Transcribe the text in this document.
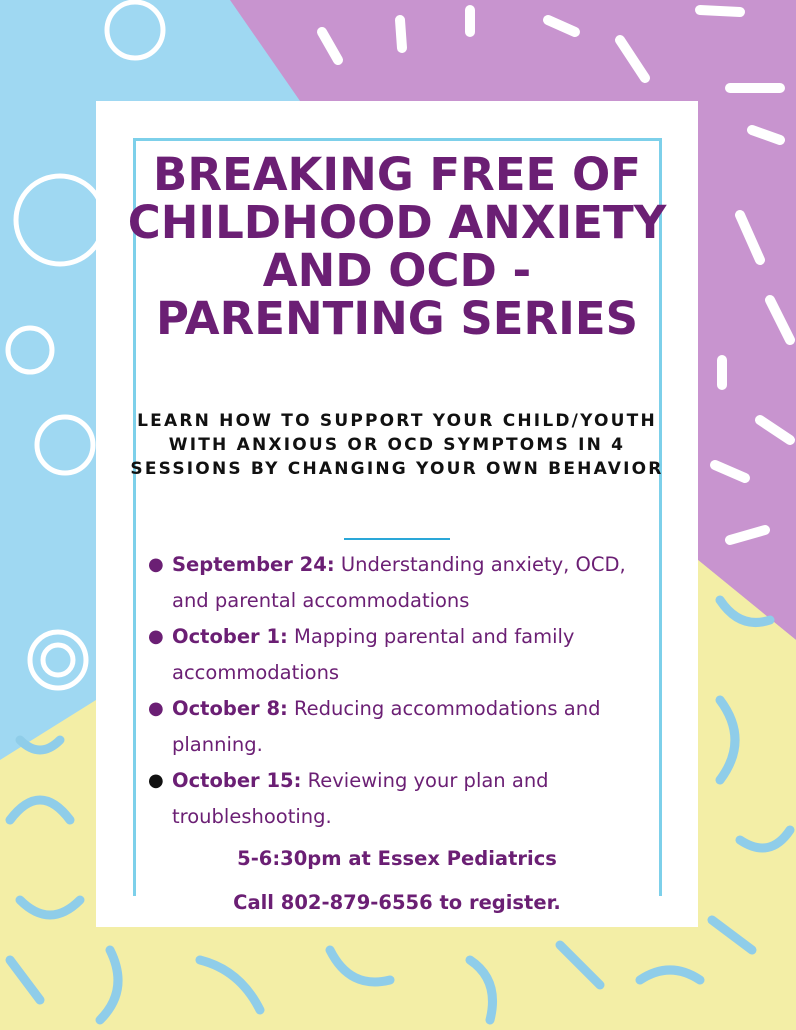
BREAKING FREE OF CHILDHOOD ANXIETY AND OCD - PARENTING SERIES

LEARN HOW TO SUPPORT YOUR CHILD/YOUTH WITH ANXIOUS OR OCD SYMPTOMS IN 4 SESSIONS BY CHANGING YOUR OWN BEHAVIOR

● September 24: Understanding anxiety, OCD, and parental accommodations
● October 1: Mapping parental and family accommodations
● October 8: Reducing accommodations and planning.
● October 15: Reviewing your plan and troubleshooting.

5-6:30pm at Essex Pediatrics

Call 802-879-6556 to register.
